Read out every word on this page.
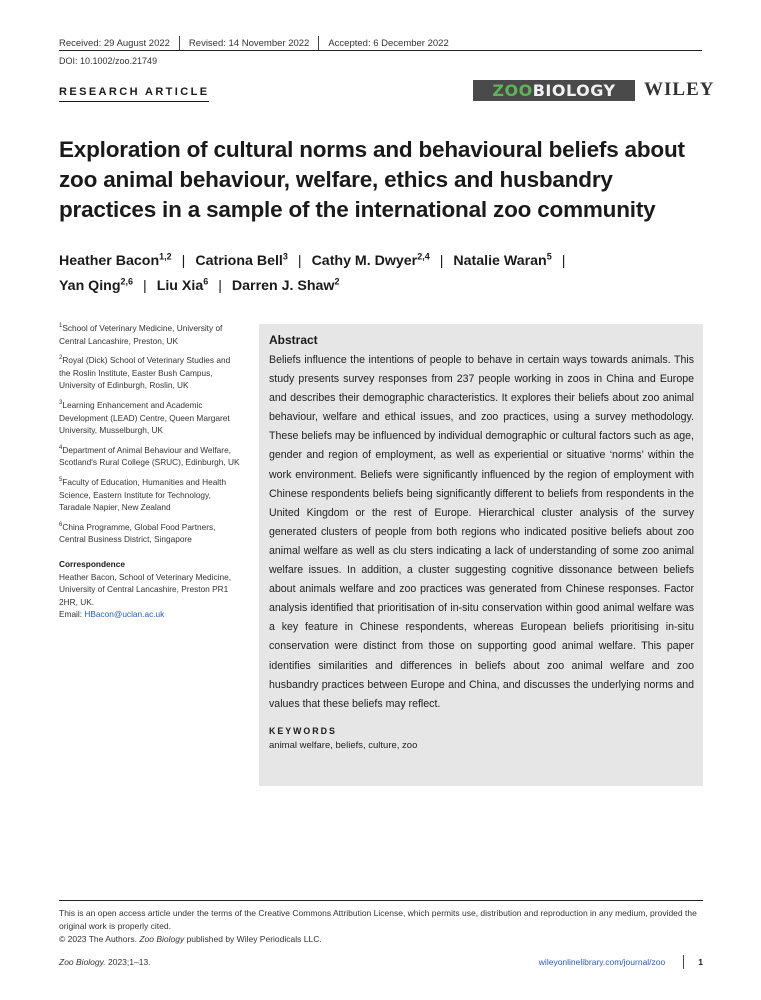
Received: 29 August 2022 Revised: 14 November 2022 Accepted: 6 December 2022
DOI: 10.1002/zoo.21749
RESEARCH ARTICLE	ZOO BIOLOGY WILEY
Exploration of cultural norms and behavioural beliefs about zoo animal behaviour, welfare, ethics and husbandry practices in a sample of the international zoo community
Heather Bacon$^{1,2}$ | Catriona Bell$^3$ | Cathy M. Dwyer$^{2,4}$ | Natalie Waran$^5$ |
Yan Qing$^{2,6}$ | Liu Xia$^6$ | Darren J. Shaw$^2$
$^1$School of Veterinary Medicine, University of Central Lancashire, Preston, UK
$^2$Royal (Dick) School of Veterinary Studies and the Roslin Institute, Easter Bush Campus, University of Edinburgh, Roslin, UK
$^3$Learning Enhancement and Academic Development (LEAD) Centre, Queen Margaret University, Musselburgh, UK
$^4$Department of Animal Behaviour and Welfare, Scotland's Rural College (SRUC), Edinburgh, UK
$^5$Faculty of Education, Humanities and Health Science, Eastern Institute for Technology, Taradale Napier, New Zealand
$^6$China Programme, Global Food Partners, Central Business District, Singapore
Correspondence
Heather Bacon, School of Veterinary Medicine, University of Central Lancashire, Preston PR1 2HR, UK.
Email: HBacon@uclan.ac.uk
Abstract

Beliefs influence the intentions of people to behave in certain ways towards animals. This study presents survey responses from 237 people working in zoos in China and Europe and describes their demographic characteristics. It explores their beliefs about zoo animal behaviour, welfare and ethical issues, and zoo practices, using a survey methodology. These beliefs may be influenced by individual demographic or cultural factors such as age, gender and region of employment, as well as experiential or situative ‘norms’ within the work environment. Beliefs were significantly influenced by the region of employment with Chinese respondents beliefs being significantly different to beliefs from respondents in the United Kingdom or the rest of Europe. Hierarchical cluster analysis of the survey generated clusters of people from both regions who indicated positive beliefs about zoo animal welfare as well as clu sters indicating a lack of understanding of some zoo animal welfare issues. In addition, a cluster suggesting cognitive dissonance between beliefs about animals welfare and zoo practices was generated from Chinese responses. Factor analysis identified that prioritisation of in‐situ conservation within good animal welfare was a key feature in Chinese respondents, whereas European beliefs prioritising in‐situ conservation were distinct from those on supporting good animal welfare. This paper identifies similarities and differences in beliefs about zoo animal welfare and zoo husbandry practices between Europe and China, and discusses the underlying norms and values that these beliefs may reflect.

KEYWORDS
animal welfare, beliefs, culture, zoo
This is an open access article under the terms of the Creative Commons Attribution License, which permits use, distribution and reproduction in any medium, provided the original work is properly cited.
© 2023 The Authors. Zoo Biology published by Wiley Periodicals LLC.
Zoo Biology. 2023;1–13.	wileyonlinelibrary.com/journal/zoo	1
